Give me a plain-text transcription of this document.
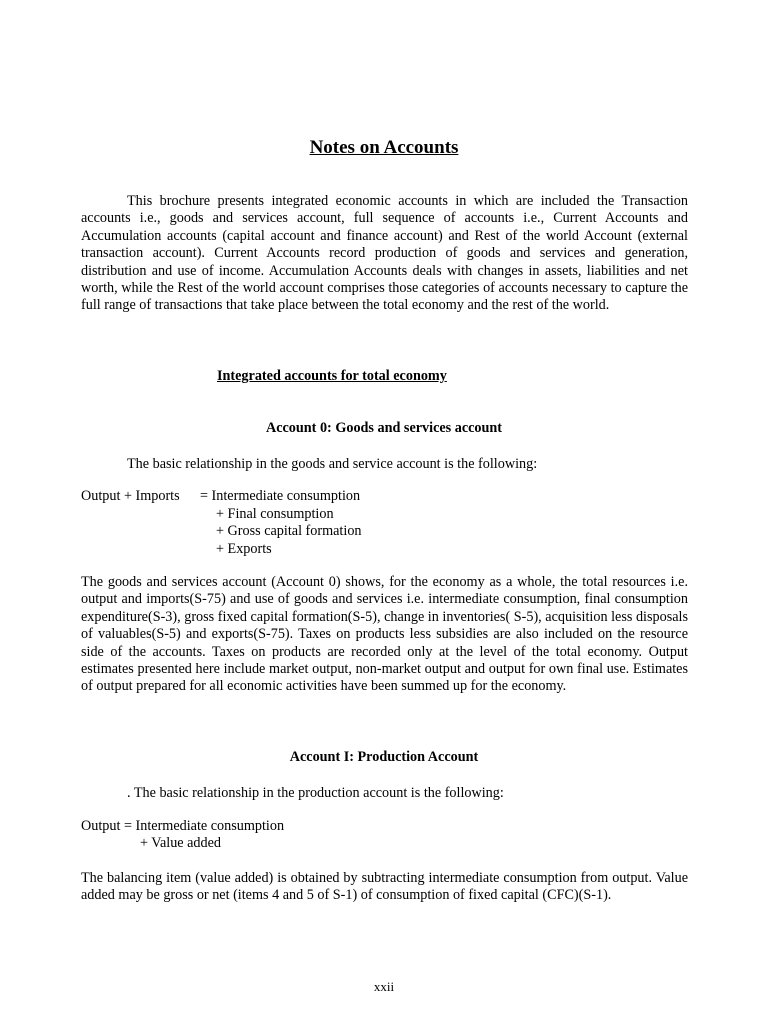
Notes on Accounts

This brochure presents integrated economic accounts in which are included the Transaction accounts i.e., goods and services account, full sequence of accounts i.e., Current Accounts and Accumulation accounts (capital account and finance account) and Rest of the world Account (external transaction account). Current Accounts record production of goods and services and generation, distribution and use of income. Accumulation Accounts deals with changes in assets, liabilities and net worth, while the Rest of the world account comprises those categories of accounts necessary to capture the full range of transactions that take place between the total economy and the rest of the world.

Integrated accounts for total economy
Account 0: Goods and services account
The basic relationship in the goods and service account is the following:
Output + Imports = Intermediate consumption
+ Final consumption
+ Gross capital formation
+ Exports

The goods and services account (Account 0) shows, for the economy as a whole, the total resources i.e. output and imports(S-75) and use of goods and services i.e. intermediate consumption, final consumption expenditure(S-3), gross fixed capital formation(S-5), change in inventories( S-5), acquisition less disposals of valuables(S-5) and exports(S-75). Taxes on products less subsidies are also included on the resource side of the accounts. Taxes on products are recorded only at the level of the total economy. Output estimates presented here include market output, non-market output and output for own final use. Estimates of output prepared for all economic activities have been summed up for the economy.

Account I: Production Account
. The basic relationship in the production account is the following:
Output = Intermediate consumption
+ Value added

The balancing item (value added) is obtained by subtracting intermediate consumption from output. Value added may be gross or net (items 4 and 5 of S-1) of consumption of fixed capital (CFC)(S-1).

xxii
